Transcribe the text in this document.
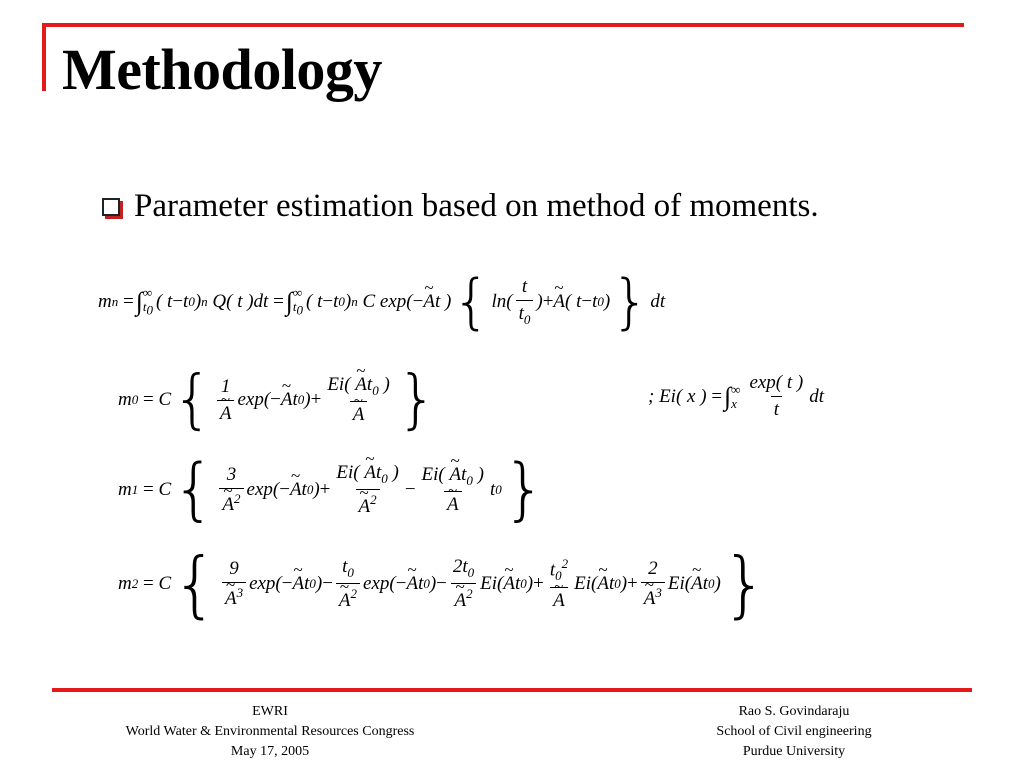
Methodology
Parameter estimation based on method of moments.
m n
= ∫ ∞
$t_0$ ( t − t 0 ) n Q( t )dt = ∫ ∞
$t_0$ ( t − t 0 ) n C exp( − ~ A t ) { $\ln( \frac{t}{t_0}$ ) + ~ A ( t − t 0 ) } dt
m 0
= C { 1
~ A exp( − ~ A t 0 ) + Ei( ~ $At_0$ )
~ A }	; Ei( x ) = ∫ ∞
x $\frac{\exp( t )}{t}$ dt
m 1
= C { 3
~ $A^2$ exp( − ~ A t 0 ) + Ei( ~ $At_0$ )
~ $A^2 - Ei$( ~ $At_0$ )
~ A t 0 }
m 2
= C { 9
~ $A^3$ exp( − ~ A t 0 ) − $t_0$
~ $A^2$ exp( − ~ A t 0 ) − $2t_0$
~ $A^2$ Ei( ~ A t 0 ) + $t_0^2$
~ A Ei( ~ A t 0 ) + 2
~ $A^3$ Ei( ~ A t 0 ) }
EWRI
World Water & Environmental Resources Congress
May 17, 2005
Rao S. Govindaraju
School of Civil engineering
Purdue University
